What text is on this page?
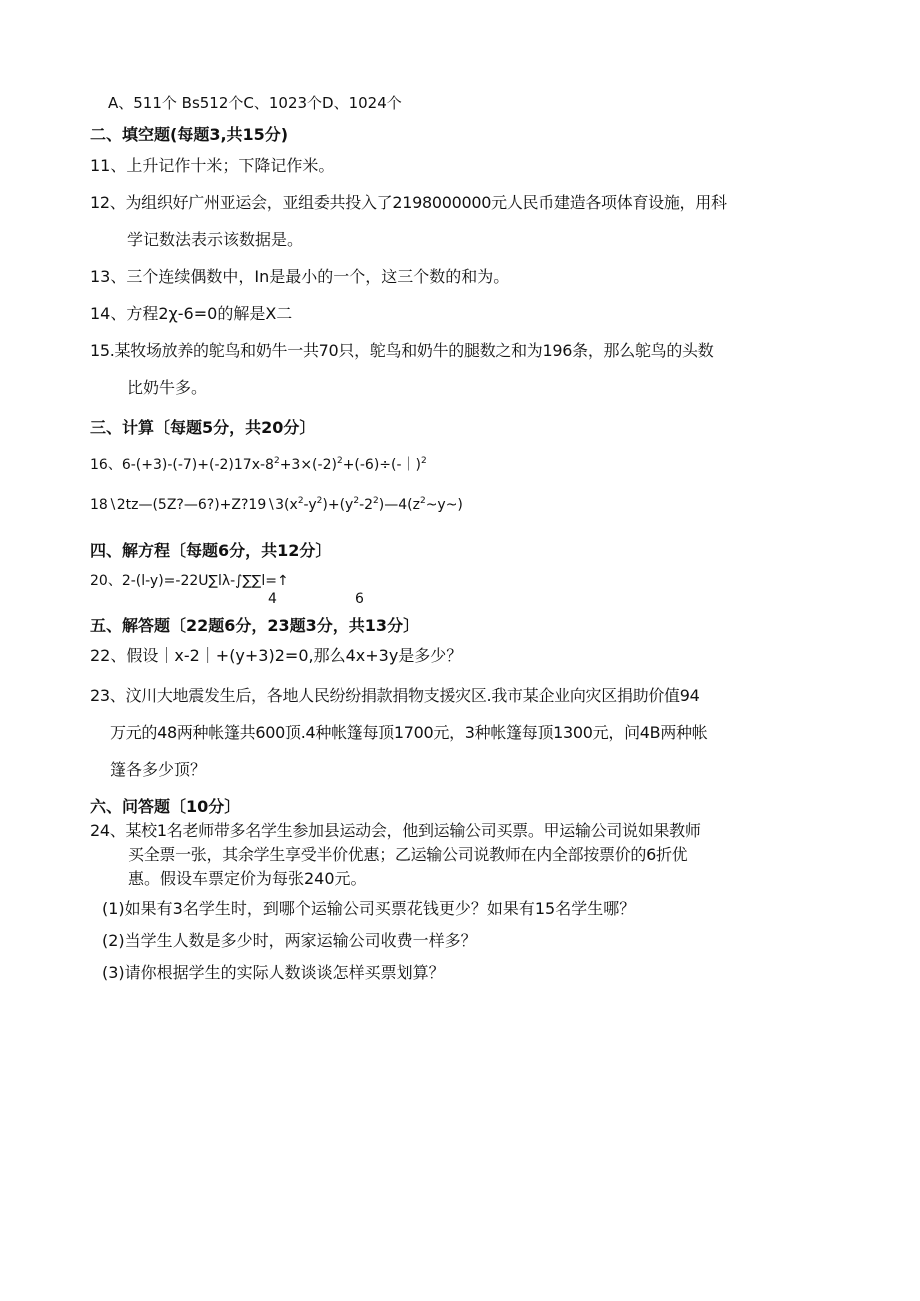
A、511个 Bs512个C、1023个D、1024个
二、填空题(每题3,共15分)
11、上升记作十米；下降记作米。
12、为组织好广州亚运会，亚组委共投入了2198000000元人民币建造各项体育设施，用科
学记数法表示该数据是。
13、三个连续偶数中，In是最小的一个，这三个数的和为。
14、方程2χ-6=0的解是X二
15.某牧场放养的鸵鸟和奶牛一共70只，鸵鸟和奶牛的腿数之和为196条，那么鸵鸟的头数
比奶牛多。
三、计算〔每题5分，共20分〕
16、$6-(+3)-(-7)+(-2)17x-8^2+3\times(-2)^2+(-6)\div(-|)^2$
$18∖2tz—(5Z?—6?)+Z?19∖3(x^2-y^2)+(y^2-2^2)—4(z^2\sim y\sim)$
四、解方程〔每题6分，共12分〕
20、2-(l-y)=-22U∑lλ-∫∑∑l=↑
4	6
五、解答题〔22题6分，23题3分，共13分〕
22、假设｜x-2｜+(y+3)2=0,那么4x+3y是多少？
23、汶川大地震发生后，各地人民纷纷捐款捐物支援灾区.我市某企业向灾区捐助价值94
万元的48两种帐篷共600顶.4种帐篷每顶1700元，3种帐篷每顶1300元，问4B两种帐
篷各多少顶？
六、问答题〔10分〕
24、某校1名老师带多名学生参加县运动会，他到运输公司买票。甲运输公司说如果教师
买全票一张，其余学生享受半价优惠；乙运输公司说教师在内全部按票价的6折优
惠。假设车票定价为每张240元。
(1)如果有3名学生时，到哪个运输公司买票花钱更少？如果有15名学生哪？
(2)当学生人数是多少时，两家运输公司收费一样多？
(3)请你根据学生的实际人数谈谈怎样买票划算？
